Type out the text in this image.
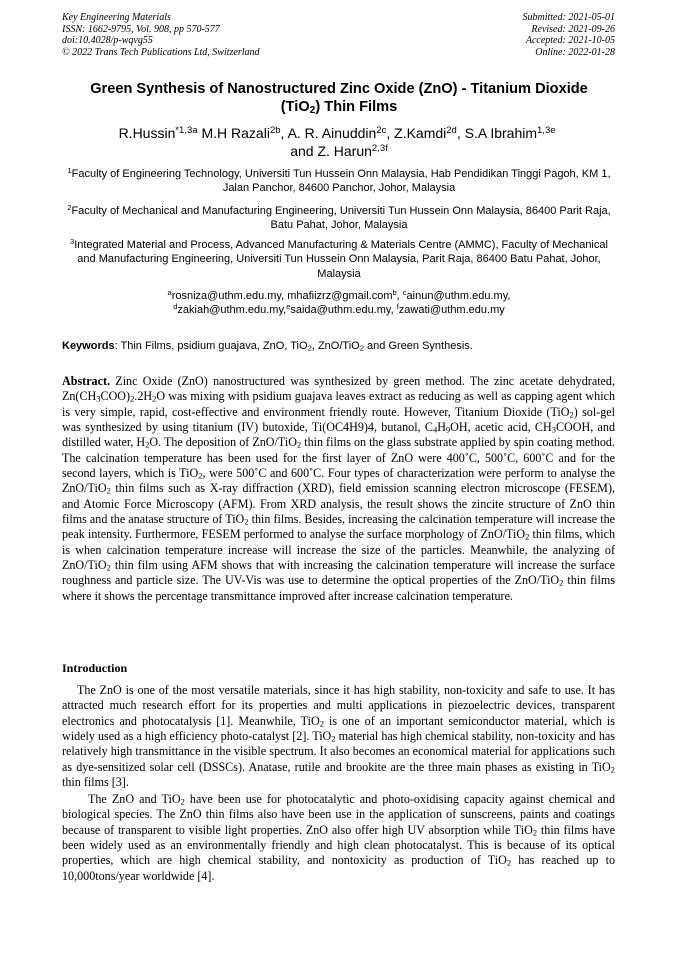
Key Engineering Materials
ISSN: 1662-9795, Vol. 908, pp 570-577
doi:10.4028/p-wqvg55
© 2022 Trans Tech Publications Ltd, Switzerland
Submitted: 2021-05-01
Revised: 2021-09-26
Accepted: 2021-10-05
Online: 2022-01-28
Green Synthesis of Nanostructured Zinc Oxide (ZnO) - Titanium Dioxide
(TiO$_2$) Thin Films
R.Hussin$^{*1,3a}$ M.H Razali$^{2b}$, A. R. Ainuddin$^{2c}$, Z.Kamdi$^{2d}$, S.A Ibrahim$^{1,3e}$
and Z. Harun$^{2,3f}$
$^1$Faculty of Engineering Technology, Universiti Tun Hussein Onn Malaysia, Hab Pendidikan Tinggi Pagoh, KM 1, Jalan Panchor, 84600 Panchor, Johor, Malaysia
$^2$Faculty of Mechanical and Manufacturing Engineering, Universiti Tun Hussein Onn Malaysia, 86400 Parit Raja, Batu Pahat, Johor, Malaysia
$^3$Integrated Material and Process, Advanced Manufacturing & Materials Centre (AMMC), Faculty of Mechanical and Manufacturing Engineering, Universiti Tun Hussein Onn Malaysia, Parit Raja, 86400 Batu Pahat, Johor, Malaysia
$^a$rosniza@uthm.edu.my, mhafiizrz@gmail.com$^b$, $^c$ainun@uthm.edu.my,
$^d$zakiah@uthm.edu.my,$^e$saida@uthm.edu.my, $^f$zawati@uthm.edu.my
Keywords: Thin Films, psidium guajava, ZnO, TiO$_2$, ZnO/TiO$_2$ and Green Synthesis.
Abstract. Zinc Oxide (ZnO) nanostructured was synthesized by green method. The zinc acetate dehydrated, $Zn(CH_3COO)_2.2H_2O$ was mixing with psidium guajava leaves extract as reducing as well as capping agent which is very simple, rapid, cost-effective and environment friendly route. However, Titanium Dioxide (TiO$_2$) sol-gel was synthesized by using titanium (IV) butoxide, Ti(OC4H9)4, butanol, $C_4H_9OH$, acetic acid, $CH_3COOH$, and distilled water, $H_2O$. The deposition of ZnO/TiO$_2$ thin films on the glass substrate applied by spin coating method. The calcination temperature has been used for the first layer of ZnO were 400˚C, 500˚C, 600˚C and for the second layers, which is TiO$_2$, were 500˚C and 600˚C. Four types of characterization were perform to analyse the ZnO/TiO$_2$ thin films such as X-ray diffraction (XRD), field emission scanning electron microscope (FESEM), and Atomic Force Microscopy (AFM). From XRD analysis, the result shows the zincite structure of ZnO thin films and the anatase structure of TiO$_2$ thin films. Besides, increasing the calcination temperature will increase the peak intensity. Furthermore, FESEM performed to analyse the surface morphology of ZnO/TiO$_2$ thin films, which is when calcination temperature increase will increase the size of the particles. Meanwhile, the analyzing of ZnO/TiO$_2$ thin film using AFM shows that with increasing the calcination temperature will increase the surface roughness and particle size. The UV-Vis was use to determine the optical properties of the ZnO/TiO$_2$ thin films where it shows the percentage transmittance improved after increase calcination temperature.
Introduction

The ZnO is one of the most versatile materials, since it has high stability, non-toxicity and safe to use. It has attracted much research effort for its properties and multi applications in piezoelectric devices, transparent electronics and photocatalysis [1]. Meanwhile, TiO$_2$ is one of an important semiconductor material, which is widely used as a high efficiency photo-catalyst [2]. TiO$_2$ material has high chemical stability, non-toxicity and has relatively high transmittance in the visible spectrum. It also becomes an economical material for applications such as dye-sensitized solar cell (DSSCs). Anatase, rutile and brookite are the three main phases as existing in TiO$_2$ thin films [3].

The ZnO and TiO$_2$ have been use for photocatalytic and photo-oxidising capacity against chemical and biological species. The ZnO thin films also have been use in the application of sunscreens, paints and coatings because of transparent to visible light properties. ZnO also offer high UV absorption while TiO$_2$ thin films have been widely used as an environmentally friendly and high clean photocatalyst. This is because of its optical properties, which are high chemical stability, and nontoxicity as production of TiO$_2$ has reached up to 10,000tons/year worldwide [4].
